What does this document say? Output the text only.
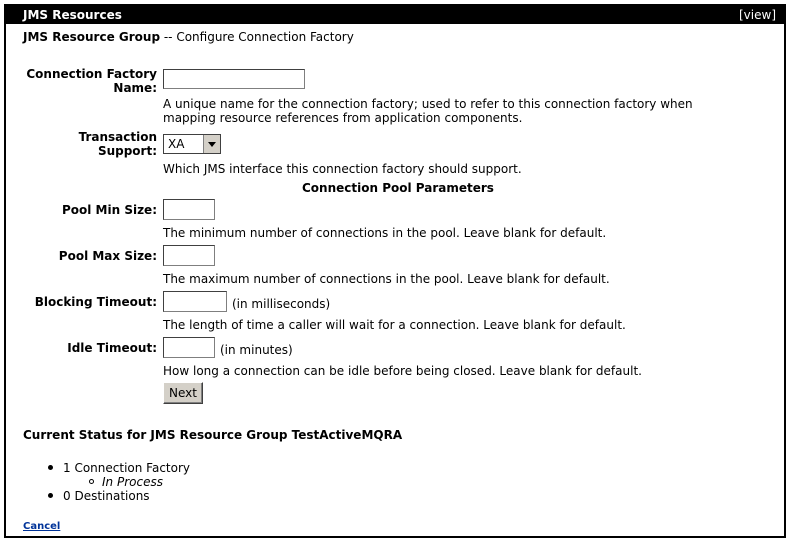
JMS Resources	[view]
JMS Resource Group -- Configure Connection Factory
Connection Factory
Name:
A unique name for the connection factory; used to refer to this connection factory when
mapping resource references from application components.
Transaction
Support: XA
Which JMS interface this connection factory should support.
Connection Pool Parameters
Pool Min Size:
The minimum number of connections in the pool. Leave blank for default.
Pool Max Size:
The maximum number of connections in the pool. Leave blank for default.
Blocking Timeout:	(in milliseconds)
The length of time a caller will wait for a connection. Leave blank for default.
Idle Timeout:	(in minutes)
How long a connection can be idle before being closed. Leave blank for default.
Next
Current Status for JMS Resource Group TestActiveMQRA
1 Connection Factory
In Process
0 Destinations
Cancel
